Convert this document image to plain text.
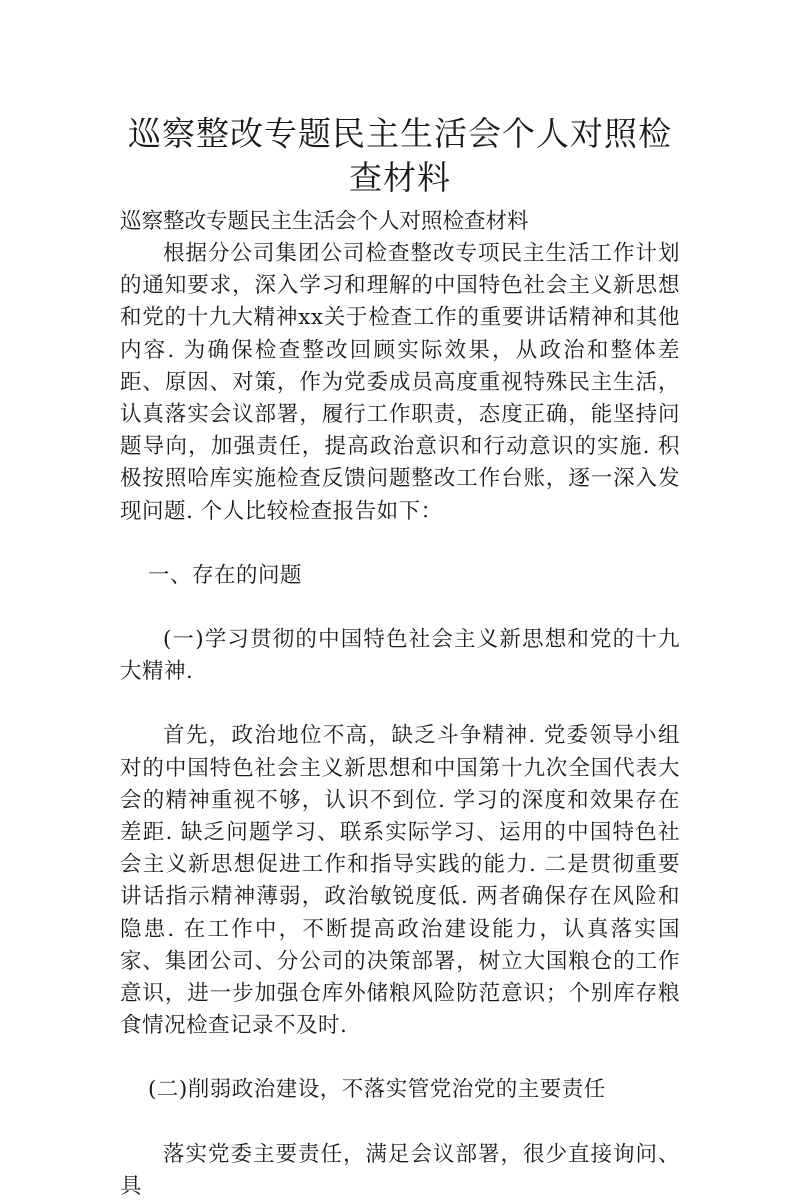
巡察整改专题民主生活会个人对照检查材料

巡察整改专题民主生活会个人对照检查材料

根据分公司集团公司检查整改专项民主生活工作计划的通知要求，深入学习和理解的中国特色社会主义新思想和党的十九大精神xx关于检查工作的重要讲话精神和其他内容. 为确保检查整改回顾实际效果，从政治和整体差距、原因、对策，作为党委成员高度重视特殊民主生活，认真落实会议部署，履行工作职责，态度正确，能坚持问题导向，加强责任，提高政治意识和行动意识的实施. 积极按照哈库实施检查反馈问题整改工作台账，逐一深入发现问题. 个人比较检查报告如下：

一、存在的问题

(一)学习贯彻的中国特色社会主义新思想和党的十九大精神.

首先，政治地位不高，缺乏斗争精神. 党委领导小组对的中国特色社会主义新思想和中国第十九次全国代表大会的精神重视不够，认识不到位. 学习的深度和效果存在差距. 缺乏问题学习、联系实际学习、运用的中国特色社会主义新思想促进工作和指导实践的能力. 二是贯彻重要讲话指示精神薄弱，政治敏锐度低. 两者确保存在风险和隐患. 在工作中，不断提高政治建设能力，认真落实国家、集团公司、分公司的决策部署，树立大国粮仓的工作意识，进一步加强仓库外储粮风险防范意识；个别库存粮食情况检查记录不及时.

(二)削弱政治建设，不落实管党治党的主要责任

落实党委主要责任，满足会议部署，很少直接询问、具
